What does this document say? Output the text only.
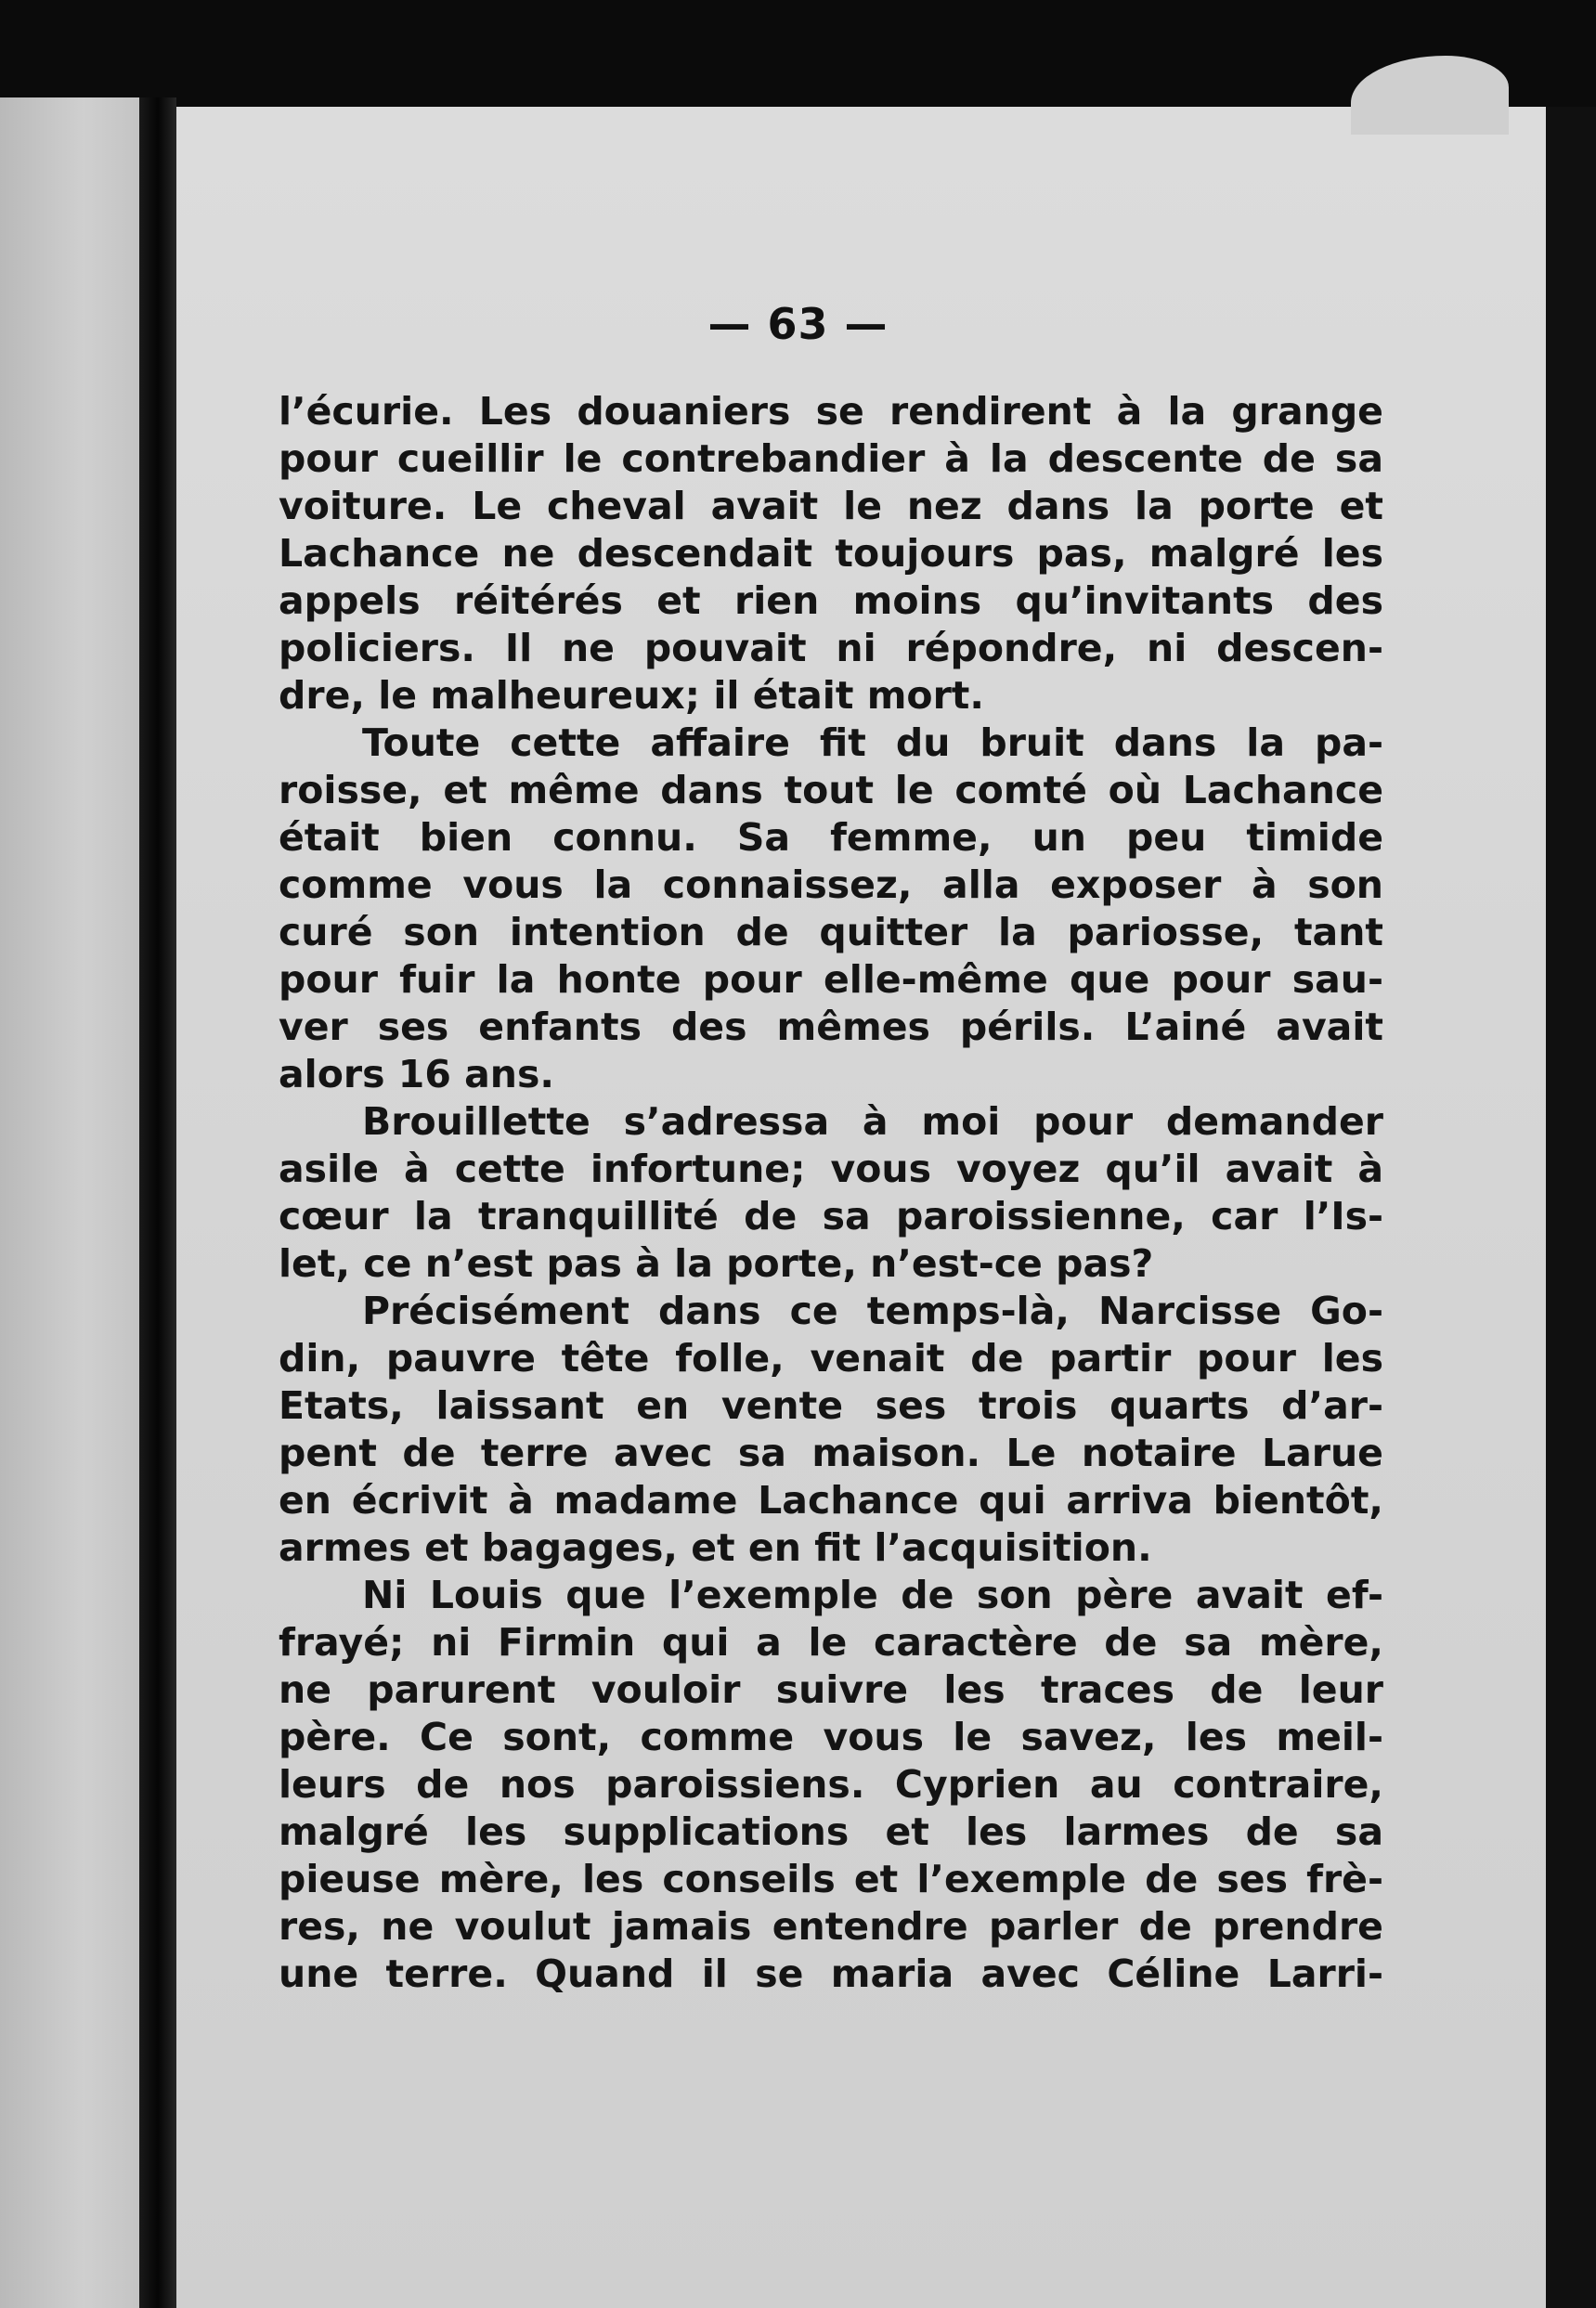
— 63 —
l’écurie. Les douaniers se rendirent à la grange
pour cueillir le contrebandier à la descente de sa
voiture. Le cheval avait le nez dans la porte et
Lachance ne descendait toujours pas, malgré les
appels réitérés et rien moins qu’invitants des
policiers. Il ne pouvait ni répondre, ni descen-
dre, le malheureux; il était mort.
Toute cette affaire fit du bruit dans la pa-
roisse, et même dans tout le comté où Lachance
était bien connu. Sa femme, un peu timide
comme vous la connaissez, alla exposer à son
curé son intention de quitter la pariosse, tant
pour fuir la honte pour elle-même que pour sau-
ver ses enfants des mêmes périls. L’ainé avait
alors 16 ans.
Brouillette s’adressa à moi pour demander
asile à cette infortune; vous voyez qu’il avait à
cœur la tranquillité de sa paroissienne, car l’Is-
let, ce n’est pas à la porte, n’est-ce pas?
Précisément dans ce temps-là, Narcisse Go-
din, pauvre tête folle, venait de partir pour les
Etats, laissant en vente ses trois quarts d’ar-
pent de terre avec sa maison. Le notaire Larue
en écrivit à madame Lachance qui arriva bientôt,
armes et bagages, et en fit l’acquisition.
Ni Louis que l’exemple de son père avait ef-
frayé; ni Firmin qui a le caractère de sa mère,
ne parurent vouloir suivre les traces de leur
père. Ce sont, comme vous le savez, les meil-
leurs de nos paroissiens. Cyprien au contraire,
malgré les supplications et les larmes de sa
pieuse mère, les conseils et l’exemple de ses frè-
res, ne voulut jamais entendre parler de prendre
une terre. Quand il se maria avec Céline Larri-
